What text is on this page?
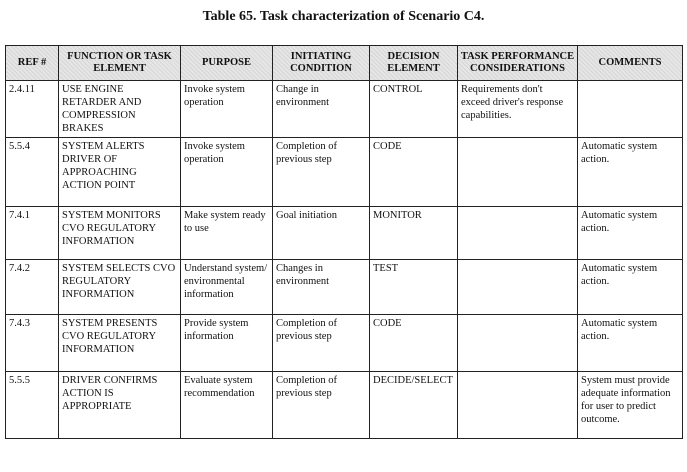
Table 65. Task characterization of Scenario C4.
REF #	FUNCTION OR TASK ELEMENT	PURPOSE	INITIATING CONDITION	DECISION ELEMENT	TASK PERFORMANCE CONSIDERATIONS	COMMENTS
2.4.11	USE ENGINE RETARDER AND COMPRESSION BRAKES	Invoke system operation	Change in environment	CONTROL	Requirements don't exceed driver's response capabilities.	
5.5.4	SYSTEM ALERTS DRIVER OF APPROACHING ACTION POINT	Invoke system operation	Completion of previous step	CODE		Automatic system action.
7.4.1	SYSTEM MONITORS CVO REGULATORY INFORMATION	Make system ready to use	Goal initiation	MONITOR		Automatic system action.
7.4.2	SYSTEM SELECTS CVO REGULATORY INFORMATION	Understand system/ environmental information	Changes in environment	TEST		Automatic system action.
7.4.3	SYSTEM PRESENTS CVO REGULATORY INFORMATION	Provide system information	Completion of previous step	CODE		Automatic system action.
5.5.5	DRIVER CONFIRMS ACTION IS APPROPRIATE	Evaluate system recommendation	Completion of previous step	DECIDE/SELECT		System must provide adequate information for user to predict outcome.
